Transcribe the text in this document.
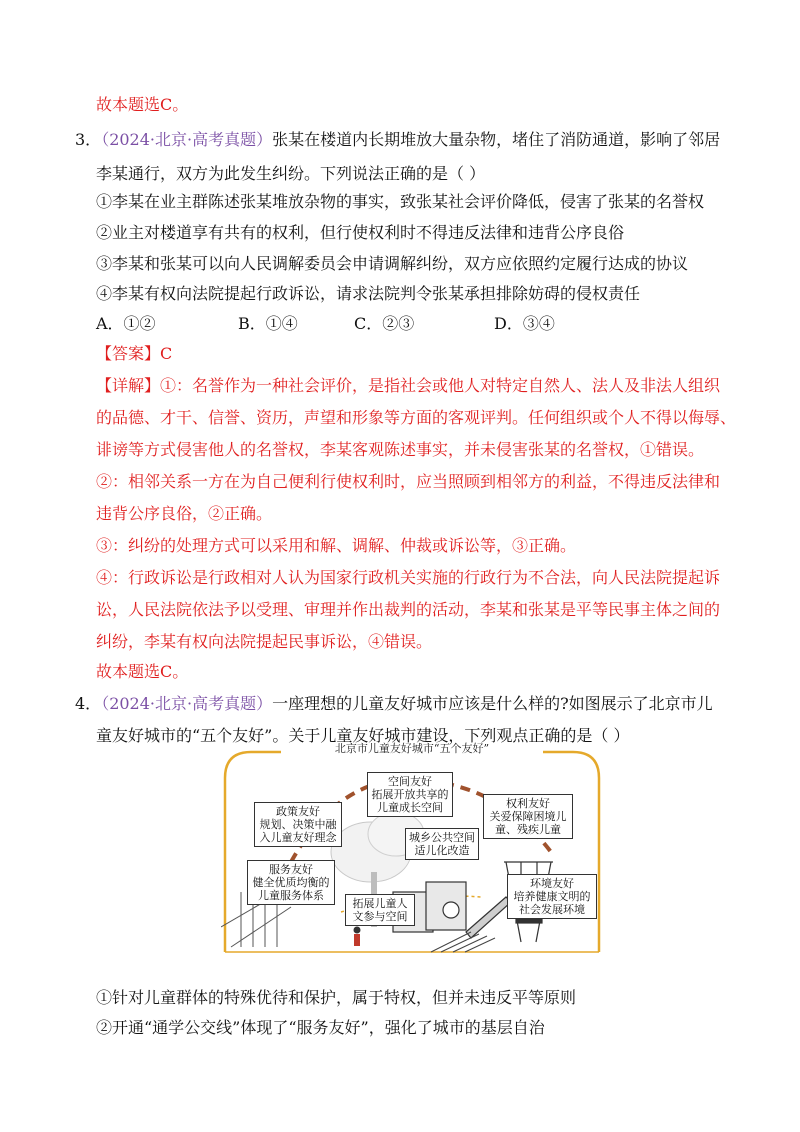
故本题选C。
3．（2024·北京·高考真题）张某在楼道内长期堆放大量杂物，堵住了消防通道，影响了邻居
李某通行，双方为此发生纠纷。下列说法正确的是（ ）
①李某在业主群陈述张某堆放杂物的事实，致张某社会评价降低，侵害了张某的名誉权
②业主对楼道享有共有的权利，但行使权利时不得违反法律和违背公序良俗
③李某和张某可以向人民调解委员会申请调解纠纷，双方应依照约定履行达成的协议
④李某有权向法院提起行政诉讼，请求法院判令张某承担排除妨碍的侵权责任
A．①②	B．①④	C．②③	D．③④
【答案】C
【详解】①：名誉作为一种社会评价，是指社会或他人对特定自然人、法人及非法人组织
的品德、才干、信誉、资历，声望和形象等方面的客观评判。任何组织或个人不得以侮辱、
诽谤等方式侵害他人的名誉权，李某客观陈述事实，并未侵害张某的名誉权，①错误。
②：相邻关系一方在为自己便利行使权利时，应当照顾到相邻方的利益，不得违反法律和
违背公序良俗，②正确。
③：纠纷的处理方式可以采用和解、调解、仲裁或诉讼等，③正确。
④：行政诉讼是行政相对人认为国家行政机关实施的行政行为不合法，向人民法院提起诉
讼，人民法院依法予以受理、审理并作出裁判的活动，李某和张某是平等民事主体之间的
纠纷，李某有权向法院提起民事诉讼，④错误。
故本题选C。
4．（2024·北京·高考真题）一座理想的儿童友好城市应该是什么样的?如图展示了北京市儿
童友好城市的“五个友好”。关于儿童友好城市建设，下列观点正确的是（ ）
北京市儿童友好城市“五个友好”
政策友好
规划、决策中融
入儿童友好理念
空间友好
拓展开放共享的
儿童成长空间	权利友好
关爱保障困境儿
童、残疾儿童
城乡公共空间
适儿化改造
服务友好
健全优质均衡的
儿童服务体系
拓展儿童人
文参与空间
环境友好
培养健康文明的
社会发展环境
①针对儿童群体的特殊优待和保护，属于特权，但并未违反平等原则
②开通“通学公交线”体现了“服务友好”，强化了城市的基层自治
